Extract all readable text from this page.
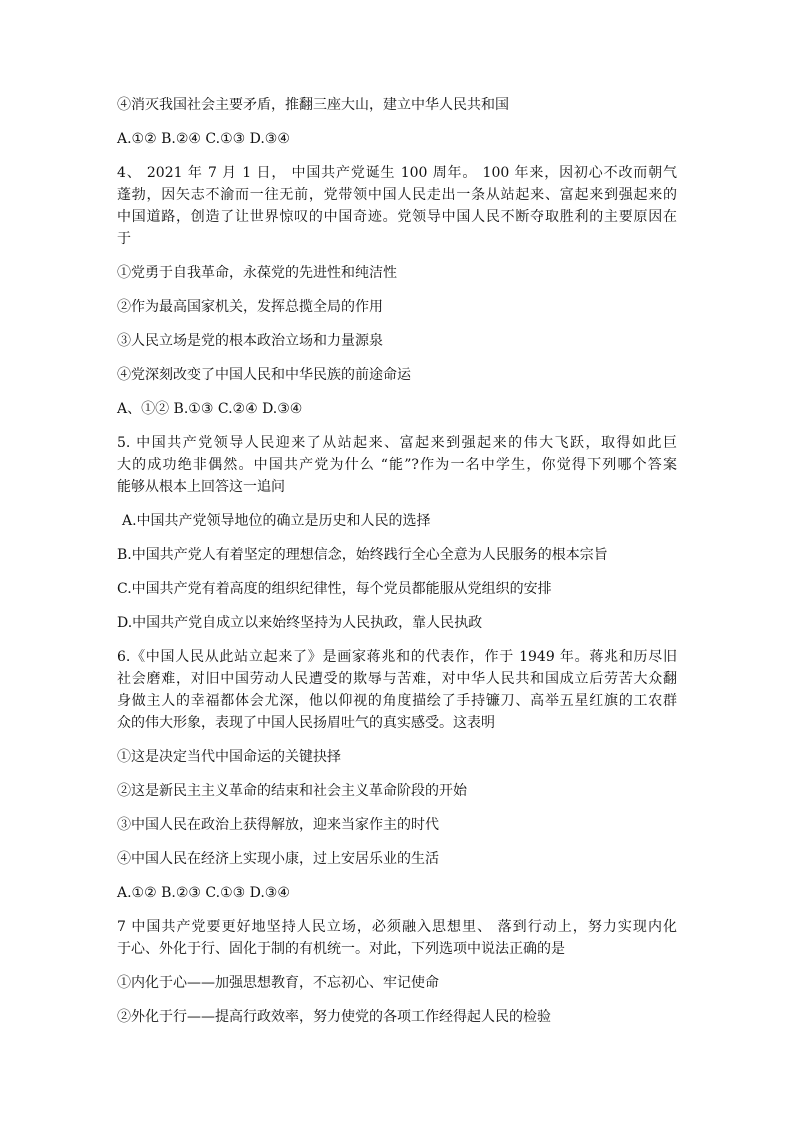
④消灭我国社会主要矛盾，推翻三座大山，建立中华人民共和国
A.①② B.②④ C.①③ D.③④
4、 2021 年 7 月 1 日， 中国共产党诞生 100 周年。 100 年来，因初心不改而朝气
蓬勃，因矢志不渝而一往无前，党带领中国人民走出一条从站起来、富起来到强起来的
中国道路，创造了让世界惊叹的中国奇迹。党领导中国人民不断夺取胜利的主要原因在
于
①党勇于自我革命，永葆党的先进性和纯洁性
②作为最高国家机关，发挥总揽全局的作用
③人民立场是党的根本政治立场和力量源泉
④党深刻改变了中国人民和中华民族的前途命运
A、①② B.①③ C.②④ D.③④
5. 中国共产党领导人民迎来了从站起来、富起来到强起来的伟大飞跃，取得如此巨
大的成功绝非偶然。中国共产党为什么 “能”?作为一名中学生，你觉得下列哪个答案
能够从根本上回答这一追问
A.中国共产党领导地位的确立是历史和人民的选择
B.中国共产党人有着坚定的理想信念，始终践行全心全意为人民服务的根本宗旨
C.中国共产党有着高度的组织纪律性，每个党员都能服从党组织的安排
D.中国共产党自成立以来始终坚持为人民执政，靠人民执政
6.《中国人民从此站立起来了》是画家蒋兆和的代表作，作于 1949 年。蒋兆和历尽旧
社会磨难，对旧中国劳动人民遭受的欺辱与苦难，对中华人民共和国成立后劳苦大众翻
身做主人的幸福都体会尤深，他以仰视的角度描绘了手持镰刀、高举五星红旗的工农群
众的伟大形象，表现了中国人民扬眉吐气的真实感受。这表明
①这是决定当代中国命运的关键抉择
②这是新民主主义革命的结束和社会主义革命阶段的开始
③中国人民在政治上获得解放，迎来当家作主的时代
④中国人民在经济上实现小康，过上安居乐业的生活
A.①② B.②③ C.①③ D.③④
7 中国共产党要更好地坚持人民立场，必须融入思想里、 落到行动上，努力实现内化
于心、外化于行、固化于制的有机统一。对此，下列选项中说法正确的是
①内化于心——加强思想教育，不忘初心、牢记使命
②外化于行——提高行政效率，努力使党的各项工作经得起人民的检验
